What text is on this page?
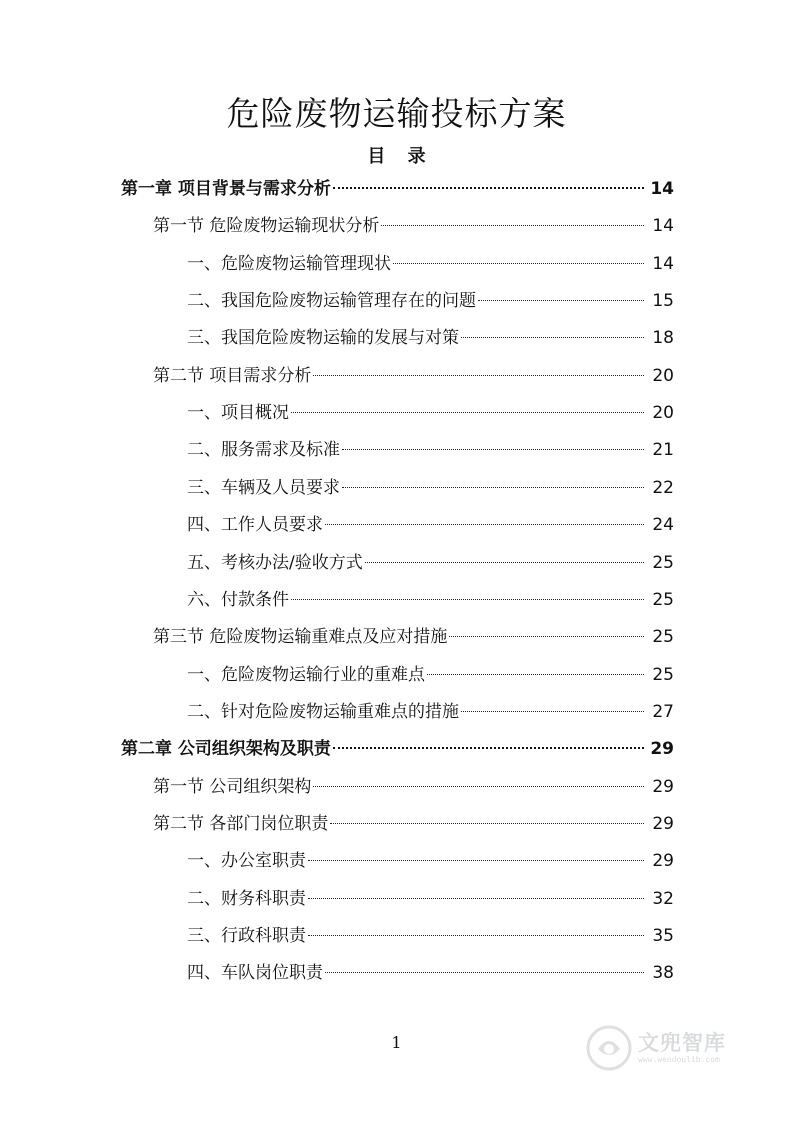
危险废物运输投标方案
目 录
第一章 项目背景与需求分析	14
第一节 危险废物运输现状分析	14
一、危险废物运输管理现状	14
二、我国危险废物运输管理存在的问题	15
三、我国危险废物运输的发展与对策	18
第二节 项目需求分析	20
一、项目概况	20
二、服务需求及标准	21
三、车辆及人员要求	22
四、工作人员要求	24
五、考核办法/验收方式	25
六、付款条件	25
第三节 危险废物运输重难点及应对措施	25
一、危险废物运输行业的重难点	25
二、针对危险废物运输重难点的措施	27
第二章 公司组织架构及职责	29
第一节 公司组织架构	29
第二节 各部门岗位职责	29
一、办公室职责	29
二、财务科职责	32
三、行政科职责	35
四、车队岗位职责	38
1	文兜智库
www.wendoulib.com
